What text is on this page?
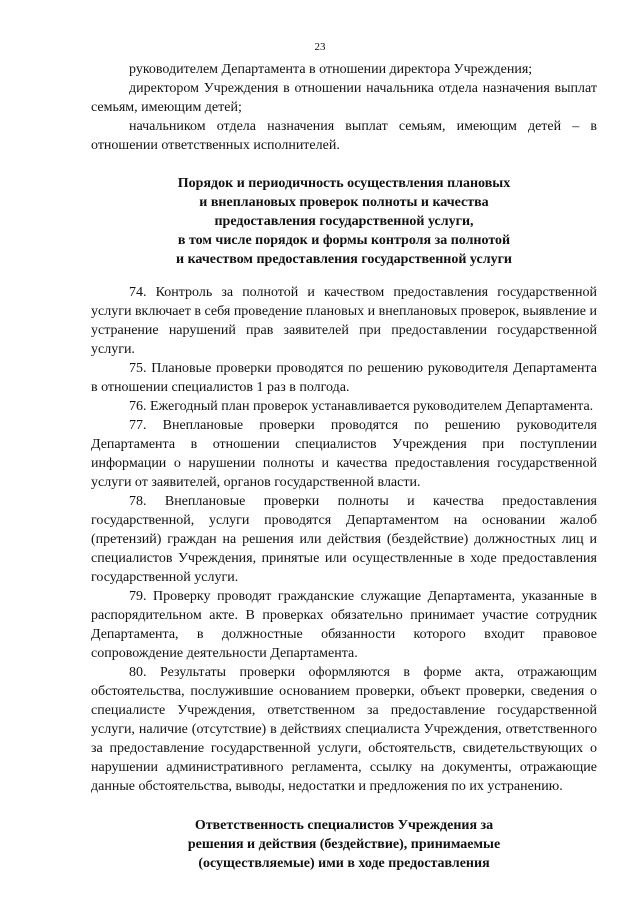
23

руководителем Департамента в отношении директора Учреждения;

директором Учреждения в отношении начальника отдела назначения выплат семьям, имеющим детей;

начальником отдела назначения выплат семьям, имеющим детей – в отношении ответственных исполнителей.

Порядок и периодичность осуществления плановых
и внеплановых проверок полноты и качества
предоставления государственной услуги,
в том числе порядок и формы контроля за полнотой
и качеством предоставления государственной услуги

74. Контроль за полнотой и качеством предоставления государственной услуги включает в себя проведение плановых и внеплановых проверок, выявление и устранение нарушений прав заявителей при предоставлении государственной услуги.

75. Плановые проверки проводятся по решению руководителя Департамента в отношении специалистов 1 раз в полгода.

76. Ежегодный план проверок устанавливается руководителем Департамента.

77. Внеплановые проверки проводятся по решению руководителя Департамента в отношении специалистов Учреждения при поступлении информации о нарушении полноты и качества предоставления государственной услуги от заявителей, органов государственной власти.

78. Внеплановые проверки полноты и качества предоставления государственной, услуги проводятся Департаментом на основании жалоб (претензий) граждан на решения или действия (бездействие) должностных лиц и специалистов Учреждения, принятые или осуществленные в ходе предоставления государственной услуги.

79. Проверку проводят гражданские служащие Департамента, указанные в распорядительном акте. В проверках обязательно принимает участие сотрудник Департамента, в должностные обязанности которого входит правовое сопровождение деятельности Департамента.

80. Результаты проверки оформляются в форме акта, отражающим обстоятельства, послужившие основанием проверки, объект проверки, сведения о специалисте Учреждения, ответственном за предоставление государственной услуги, наличие (отсутствие) в действиях специалиста Учреждения, ответственного за предоставление государственной услуги, обстоятельств, свидетельствующих о нарушении административного регламента, ссылку на документы, отражающие данные обстоятельства, выводы, недостатки и предложения по их устранению.

Ответственность специалистов Учреждения за
решения и действия (бездействие), принимаемые
(осуществляемые) ими в ходе предоставления
